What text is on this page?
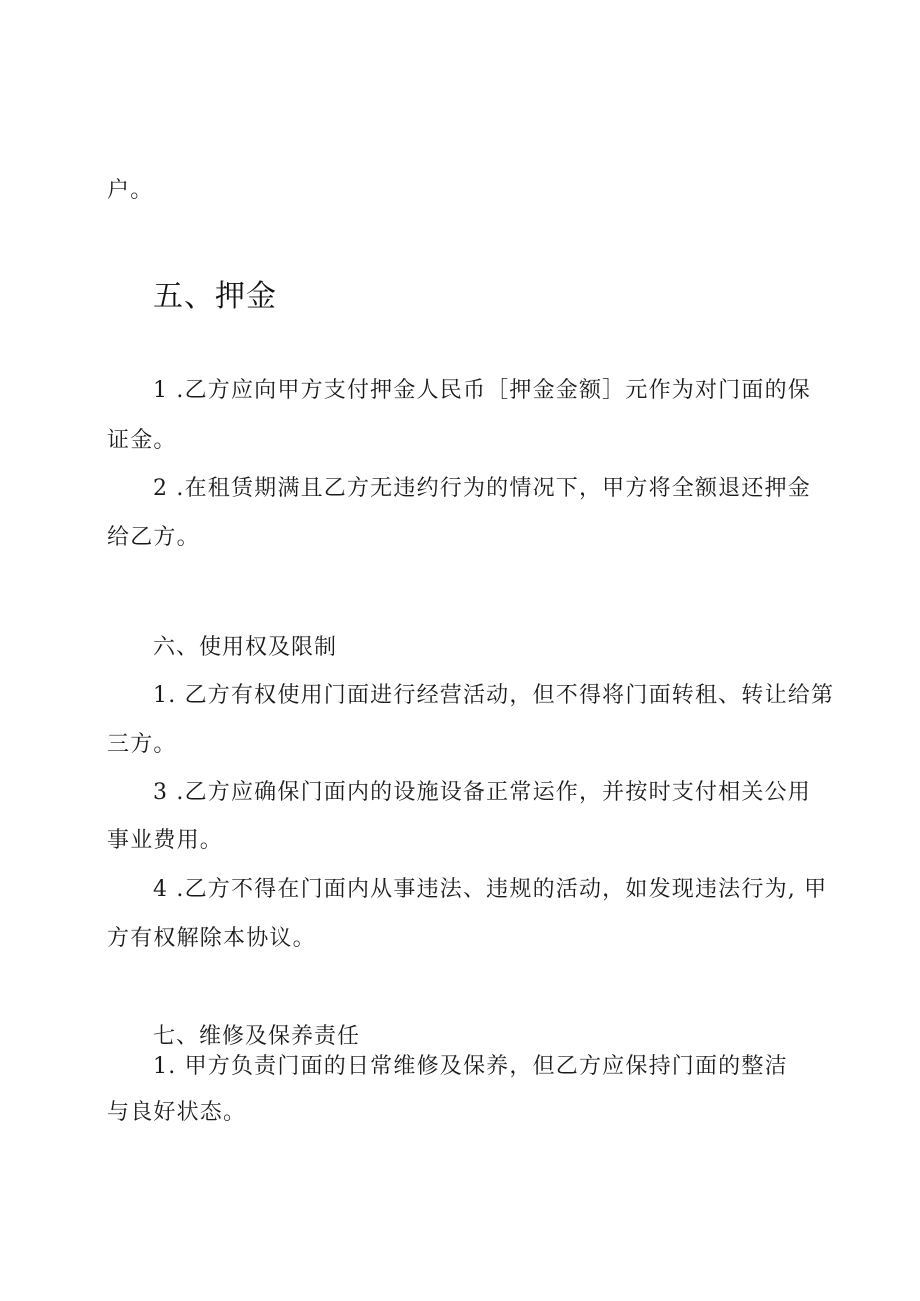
户。
五、押金
1 .乙方应向甲方支付押金人民币［押金金额］元作为对门面的保
证金。
2 .在租赁期满且乙方无违约行为的情况下，甲方将全额退还押金
给乙方。
六、使用权及限制
1. 乙方有权使用门面进行经营活动，但不得将门面转租、转让给第
三方。
3 .乙方应确保门面内的设施设备正常运作，并按时支付相关公用
事业费用。
4 .乙方不得在门面内从事违法、违规的活动，如发现违法行为, 甲
方有权解除本协议。
七、维修及保养责任
1. 甲方负责门面的日常维修及保养，但乙方应保持门面的整洁
与良好状态。
